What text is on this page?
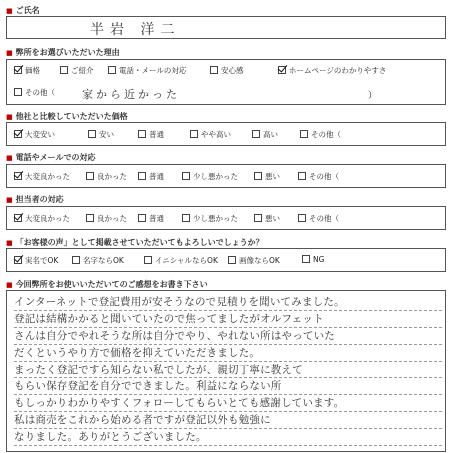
■ ご氏名
半岩 洋二
■ 弊所をお選びいただいた理由
価格	ご紹介	電話・メールの対応	安心感	ホームページのわかりやすさ
その他（ 家から近かった	）
■ 他社と比較していただいた価格
大変安い	安い	普通	やや高い	高い	その他（
■ 電話やメールでの対応
大変良かった	良かった	普通	少し悪かった	悪い	その他（
■ 担当者の対応
大変良かった	良かった	普通	少し悪かった	悪い	その他（
■ 「お客様の声」として掲載させていただいてもよろしいでしょうか？
実名でOK	名字ならOK	イニシャルならOK	画像ならOK	NG
■ 今回弊所をお使いいただいてのご感想をお書き下さい
インターネットで登記費用が安そうなので見積りを聞いてみました。
登記は結構かかると聞いていたので焦ってましたがオルフェット
さんは自分でやれそうな所は自分でやり、やれない所はやっていた
だくというやり方で価格を抑えていただきました。
まったく登記ですら知らない私でしたが、親切丁寧に教えて
もらい保存登記を自分でできました。利益にならない所
もしっかりわかりやすくフォローしてもらいとても感謝しています。
私は商売をこれから始める者ですが登記以外も勉強に
なりました。ありがとうございました。
